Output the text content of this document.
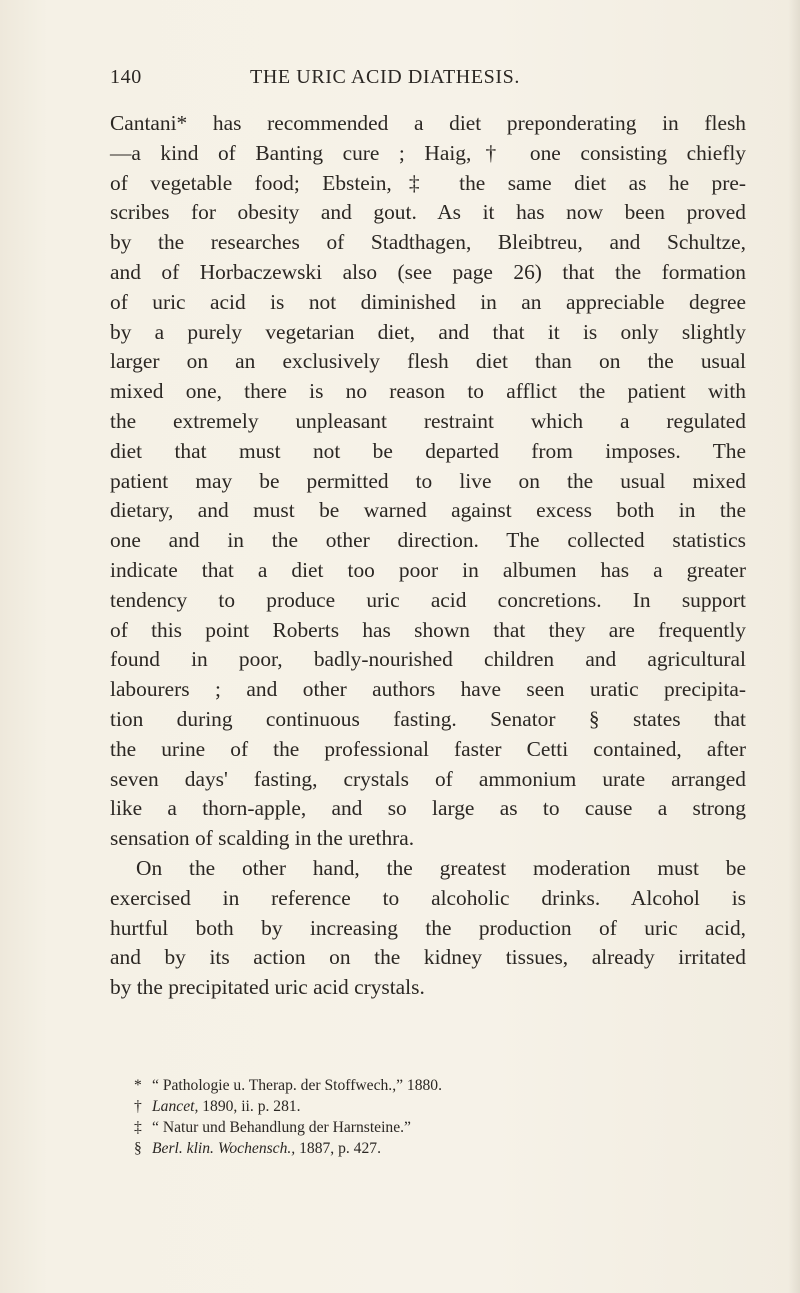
140	THE URIC ACID DIATHESIS.
Cantani* has recommended a diet preponderating in flesh
—a kind of Banting cure ; Haig,† one consisting chiefly
of vegetable food; Ebstein,‡ the same diet as he pre-
scribes for obesity and gout. As it has now been proved
by the researches of Stadthagen, Bleibtreu, and Schultze,
and of Horbaczewski also (see page 26) that the formation
of uric acid is not diminished in an appreciable degree
by a purely vegetarian diet, and that it is only slightly
larger on an exclusively flesh diet than on the usual
mixed one, there is no reason to afflict the patient with
the extremely unpleasant restraint which a regulated
diet that must not be departed from imposes. The
patient may be permitted to live on the usual mixed
dietary, and must be warned against excess both in the
one and in the other direction. The collected statistics
indicate that a diet too poor in albumen has a greater
tendency to produce uric acid concretions. In support
of this point Roberts has shown that they are frequently
found in poor, badly-nourished children and agricultural
labourers ; and other authors have seen uratic precipita-
tion during continuous fasting. Senator § states that
the urine of the professional faster Cetti contained, after
seven days' fasting, crystals of ammonium urate arranged
like a thorn-apple, and so large as to cause a strong
sensation of scalding in the urethra.
On the other hand, the greatest moderation must be
exercised in reference to alcoholic drinks. Alcohol is
hurtful both by increasing the production of uric acid,
and by its action on the kidney tissues, already irritated
by the precipitated uric acid crystals.
* “ Pathologie u. Therap. der Stoffwech.,” 1880.
† Lancet, 1890, ii. p. 281.
‡ “ Natur und Behandlung der Harnsteine.”
§ Berl. klin. Wochensch., 1887, p. 427.
